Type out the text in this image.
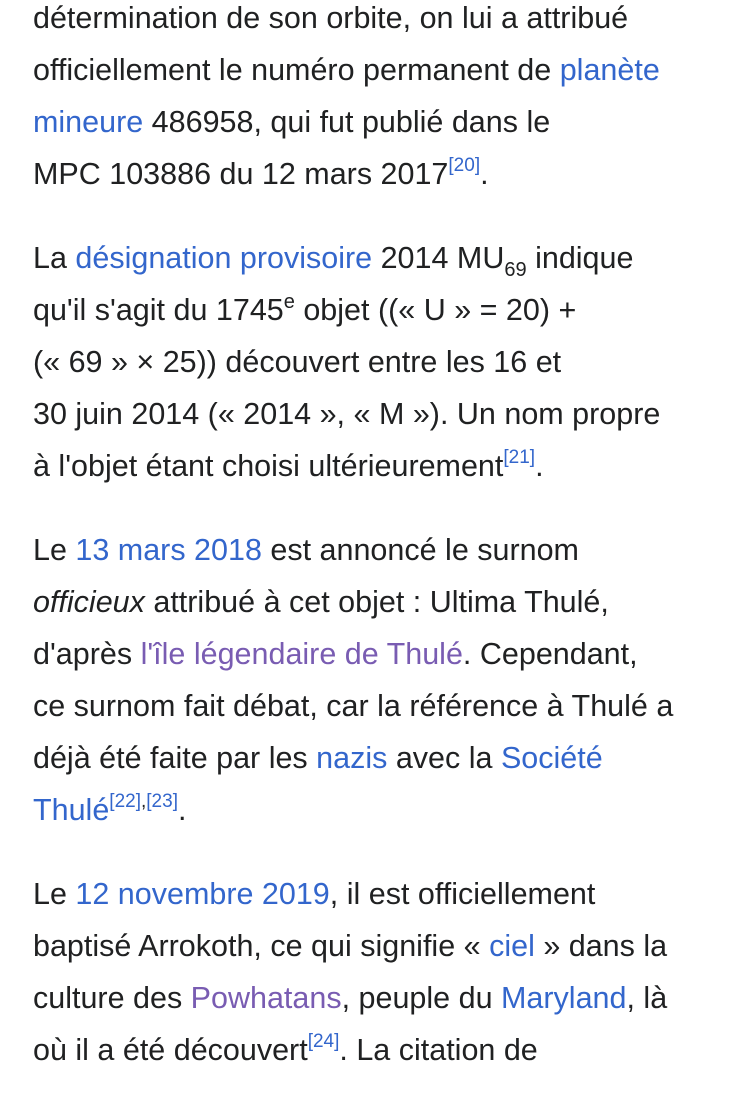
détermination de son orbite, on lui a attribué
officiellement le numéro permanent de planète
mineure 486958, qui fut publié dans le
MPC 103886 du 12 mars 2017[20].
La désignation provisoire 2014 $MU_{69}$ indique
qu'il s'agit du 1745e objet ((« U » = 20) +
(« 69 » × 25)) découvert entre les 16 et
30 juin 2014 (« 2014 », « M »). Un nom propre
à l'objet étant choisi ultérieurement[21].
Le 13 mars 2018 est annoncé le surnom
officieux attribué à cet objet : Ultima Thulé,
d'après l'île légendaire de Thulé. Cependant,
ce surnom fait débat, car la référence à Thulé a
déjà été faite par les nazis avec la Société
Thulé[22],[23].
Le 12 novembre 2019, il est officiellement
baptisé Arrokoth, ce qui signifie « ciel » dans la
culture des Powhatans, peuple du Maryland, là
où il a été découvert[24]. La citation de
